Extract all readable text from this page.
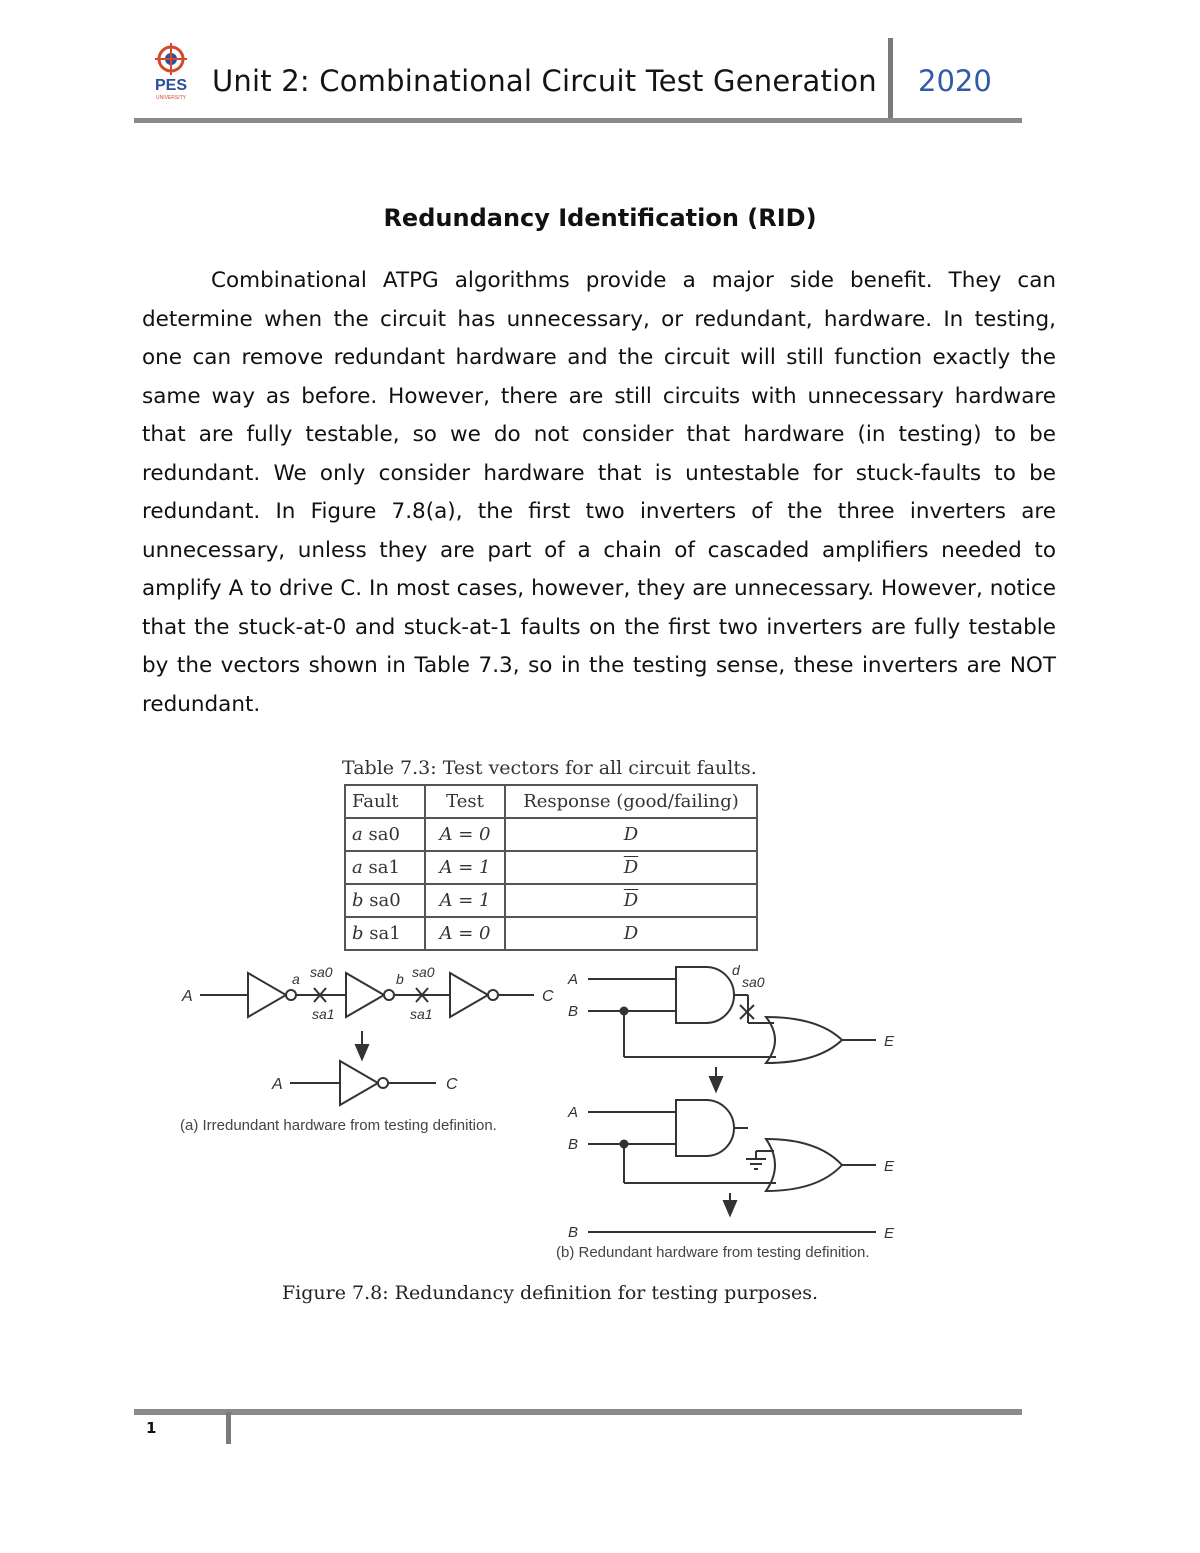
PES
UNIVERSITY Unit 2: Combinational Circuit Test Generation 2020
Redundancy Identification (RID)

Combinational ATPG algorithms provide a major side benefit. They can determine when the circuit has unnecessary, or redundant, hardware. In testing, one can remove redundant hardware and the circuit will still function exactly the same way as before. However, there are still circuits with unnecessary hardware that are fully testable, so we do not consider that hardware (in testing) to be redundant. We only consider hardware that is untestable for stuck-faults to be redundant. In Figure 7.8(a), the first two inverters of the three inverters are unnecessary, unless they are part of a chain of cascaded amplifiers needed to amplify A to drive C. In most cases, however, they are unnecessary. However, notice that the stuck-at-0 and stuck-at-1 faults on the first two inverters are fully testable by the vectors shown in Table 7.3, so in the testing sense, these inverters are NOT redundant.

Table 7.3: Test vectors for all circuit faults.
Fault	Test	Response (good/failing)
a sa0	A = 0	D
a sa1	A = 1	$\overline{D}$
b sa0	A = 1	$\overline{D}$
b sa1	A = 0	D
A
a sa0
sa1
b sa0
sa1
C
A	C
(a) Irredundant hardware from testing definition.
A
B
d
sa0
E
A
B
E
B	E
(b) Redundant hardware from testing definition.
Figure 7.8: Redundancy definition for testing purposes.
1
